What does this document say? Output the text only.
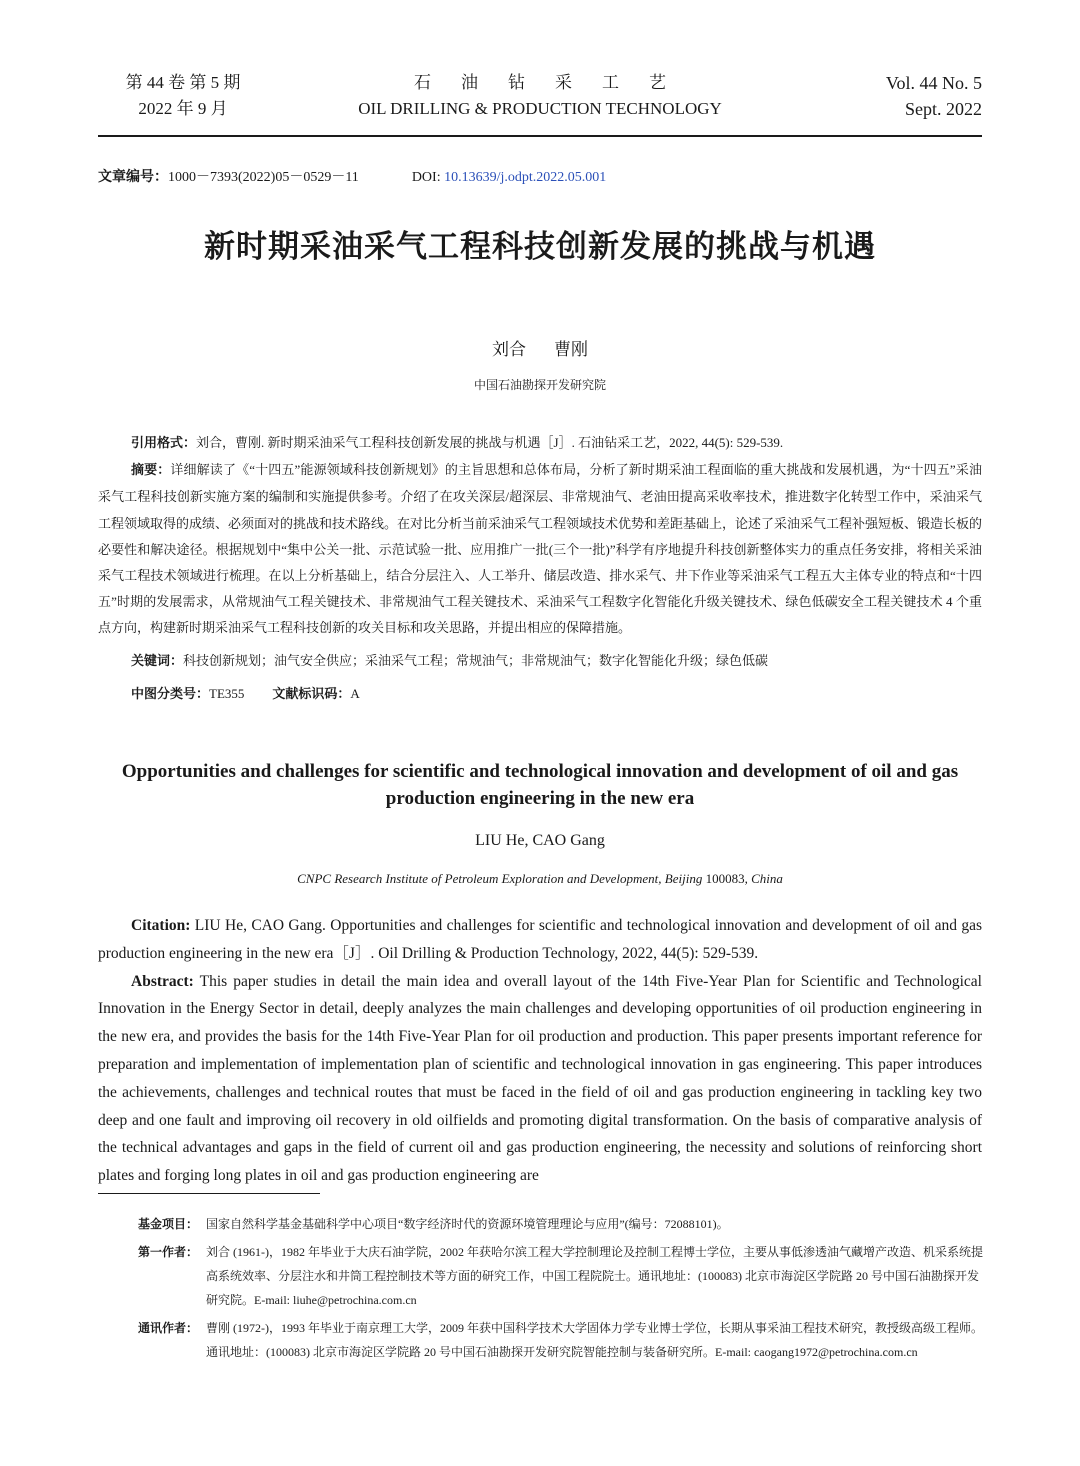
第 44 卷 第 5 期
2022 年 9 月
石油钻采工艺
OIL DRILLING & PRODUCTION TECHNOLOGY
Vol. 44 No. 5
Sept. 2022
文章编号：1000－7393(2022)05－0529－11	DOI: 10.13639/j.odpt.2022.05.001
新时期采油采气工程科技创新发展的挑战与机遇
刘合 曹刚
中国石油勘探开发研究院

引用格式：刘合，曹刚. 新时期采油采气工程科技创新发展的挑战与机遇［J］. 石油钻采工艺，2022, 44(5): 529-539.

摘要：详细解读了《“十四五”能源领域科技创新规划》的主旨思想和总体布局，分析了新时期采油工程面临的重大挑战和发展机遇，为“十四五”采油采气工程科技创新实施方案的编制和实施提供参考。介绍了在攻关深层/超深层、非常规油气、老油田提高采收率技术，推进数字化转型工作中，采油采气工程领域取得的成绩、必须面对的挑战和技术路线。在对比分析当前采油采气工程领域技术优势和差距基础上，论述了采油采气工程补强短板、锻造长板的必要性和解决途径。根据规划中“集中公关一批、示范试验一批、应用推广一批(三个一批)”科学有序地提升科技创新整体实力的重点任务安排，将相关采油采气工程技术领域进行梳理。在以上分析基础上，结合分层注入、人工举升、储层改造、排水采气、井下作业等采油采气工程五大主体专业的特点和“十四五”时期的发展需求，从常规油气工程关键技术、非常规油气工程关键技术、采油采气工程数字化智能化升级关键技术、绿色低碳安全工程关键技术 4 个重点方向，构建新时期采油采气工程科技创新的攻关目标和攻关思路，并提出相应的保障措施。

关键词：科技创新规划；油气安全供应；采油采气工程；常规油气；非常规油气；数字化智能化升级；绿色低碳

中图分类号：TE355 文献标识码：A

Opportunities and challenges for scientific and technological innovation and development of oil and gas production engineering in the new era
LIU He, CAO Gang
CNPC Research Institute of Petroleum Exploration and Development, Beijing 100083, China

Citation: LIU He, CAO Gang. Opportunities and challenges for scientific and technological innovation and development of oil and gas production engineering in the new era［J］. Oil Drilling & Production Technology, 2022, 44(5): 529-539.

Abstract: This paper studies in detail the main idea and overall layout of the 14th Five-Year Plan for Scientific and Technological Innovation in the Energy Sector in detail, deeply analyzes the main challenges and developing opportunities of oil production engineering in the new era, and provides the basis for the 14th Five-Year Plan for oil production and production. This paper presents important reference for preparation and implementation of implementation plan of scientific and technological innovation in gas engineering. This paper introduces the achievements, challenges and technical routes that must be faced in the field of oil and gas production engineering in tackling key two deep and one fault and improving oil recovery in old oilfields and promoting digital transformation. On the basis of comparative analysis of the technical advantages and gaps in the field of current oil and gas production engineering, the necessity and solutions of reinforcing short plates and forging long plates in oil and gas production engineering are

基金项目： 国家自然科学基金基础科学中心项目“数字经济时代的资源环境管理理论与应用”(编号：72088101)。
第一作者： 刘合 (1961-)，1982 年毕业于大庆石油学院，2002 年获哈尔滨工程大学控制理论及控制工程博士学位，主要从事低渗透油气藏增产改造、机采系统提高系统效率、分层注水和井筒工程控制技术等方面的研究工作，中国工程院院士。通讯地址：(100083) 北京市海淀区学院路 20 号中国石油勘探开发研究院。E-mail: liuhe@petrochina.com.cn
通讯作者： 曹刚 (1972-)，1993 年毕业于南京理工大学，2009 年获中国科学技术大学固体力学专业博士学位，长期从事采油工程技术研究，教授级高级工程师。通讯地址：(100083) 北京市海淀区学院路 20 号中国石油勘探开发研究院智能控制与装备研究所。E-mail: caogang1972@petrochina.com.cn
